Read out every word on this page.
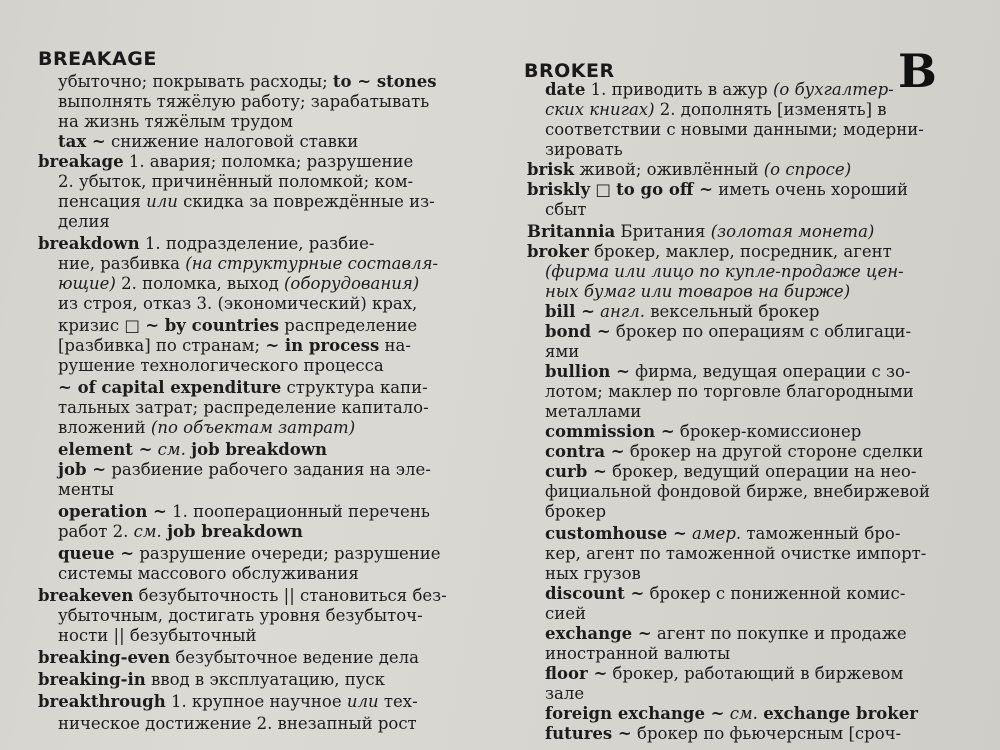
BREAKAGE
BROKER	B
убыточно; покрывать расходы; to ~ stones
выполнять тяжёлую работу; зарабатывать
на жизнь тяжёлым трудом
tax ~ снижение налоговой ставки
breakage 1. авария; поломка; разрушение
2. убыток, причинённый поломкой; ком-
пенсация или скидка за повреждённые из-
делия
breakdown 1. подразделение, разбие-
ние, разбивка (на структурные составля-
ющие) 2. поломка, выход (оборудования)
из строя, отказ 3. (экономический) крах,
кризис □ ~ by countries распределение
[разбивка] по странам; ~ in process на-
рушение технологического процесса
~ of capital expenditure структура капи-
тальных затрат; распределение капитало-
вложений (по объектам затрат)
element ~ см. job breakdown
job ~ разбиение рабочего задания на эле-
менты
operation ~ 1. пооперационный перечень
работ 2. см. job breakdown
queue ~ разрушение очереди; разрушение
системы массового обслуживания
breakeven безубыточность || становиться без-
убыточным, достигать уровня безубыточ-
ности || безубыточный
breaking-even безубыточное ведение дела
breaking-in ввод в эксплуатацию, пуск
breakthrough 1. крупное научное или тех-
ническое достижение 2. внезапный рост
date 1. приводить в ажур (о бухгалтер-
ских книгах) 2. дополнять [изменять] в
соответствии с новыми данными; модерни-
зировать
brisk живой; оживлённый (о спросе)
briskly □ to go off ~ иметь очень хороший
сбыт
Britannia Британия (золотая монета)
broker брокер, маклер, посредник, агент
(фирма или лицо по купле-продаже цен-
ных бумаг или товаров на бирже)
bill ~ англ. вексельный брокер
bond ~ брокер по операциям с облигаци-
ями
bullion ~ фирма, ведущая операции с зо-
лотом; маклер по торговле благородными
металлами
commission ~ брокер-комиссионер
contra ~ брокер на другой стороне сделки
curb ~ брокер, ведущий операции на нео-
фициальной фондовой бирже, внебиржевой
брокер
customhouse ~ амер. таможенный бро-
кер, агент по таможенной очистке импорт-
ных грузов
discount ~ брокер с пониженной комис-
сией
exchange ~ агент по покупке и продаже
иностранной валюты
floor ~ брокер, работающий в биржевом
зале
foreign exchange ~ см. exchange broker
futures ~ брокер по фьючерсным [сроч-
